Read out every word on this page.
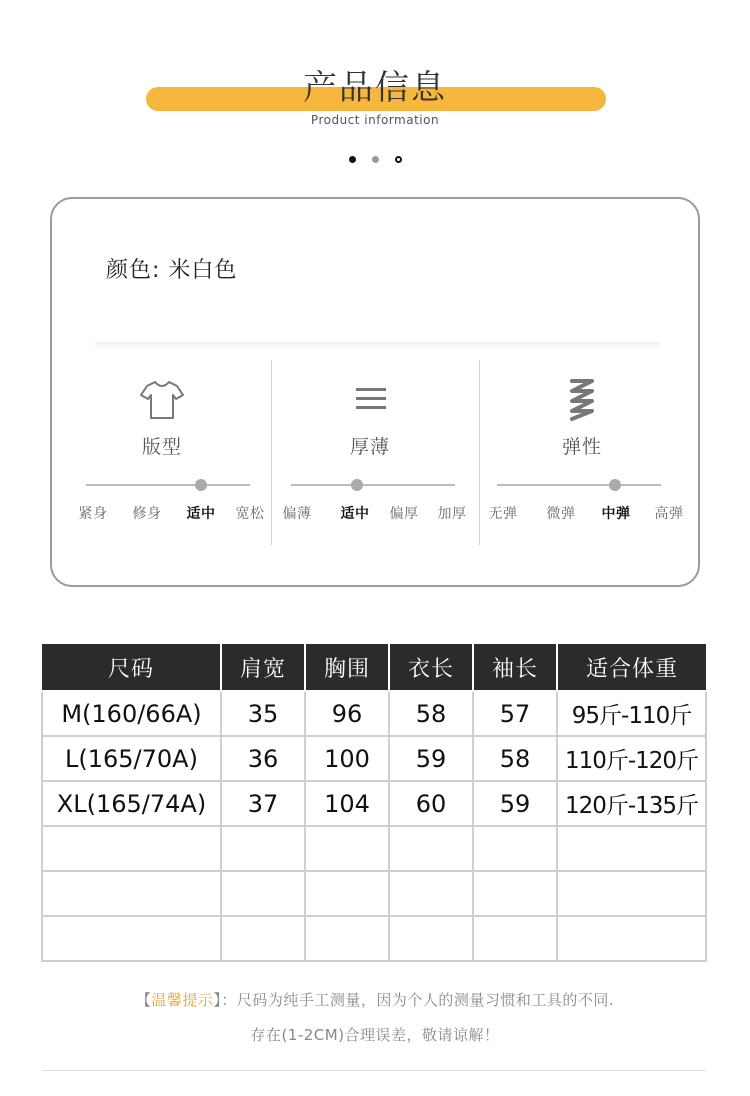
产品信息
Product information

颜色: 米白色
版型
紧身	修身	适中	宽松
厚薄
偏薄	适中	偏厚	加厚
弹性
无弹	微弹	中弹	高弹
尺码	肩宽	胸围	衣长	袖长	适合体重
M(160/66A)	35	96	58	57	95斤-110斤
L(165/70A)	36	100	59	58	110斤-120斤
XL(165/74A)	37	104	60	59	120斤-135斤

【温馨提示】：尺码为纯手工测量，因为个人的测量习惯和工具的不同.
存在(1-2CM)合理误差，敬请谅解！
